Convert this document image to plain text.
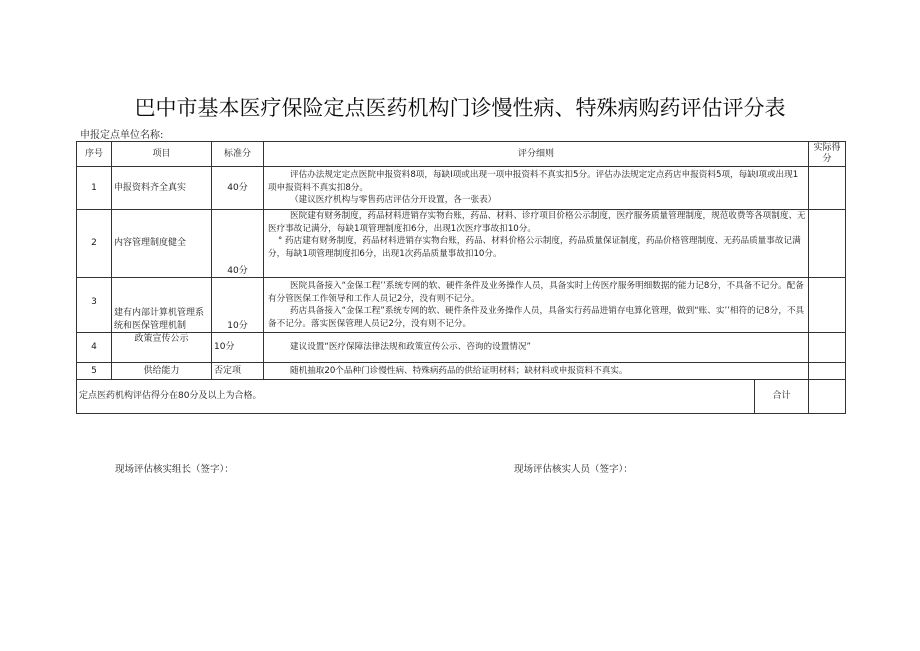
巴中市基本医疗保险定点医药机构门诊慢性病、特殊病购药评估评分表
申报定点单位名称:
序号	项目	标准分	评分细则	实际得分
1	申报资料齐全真实	40分	评估办法规定定点医院申报资料8项，每缺I项或出现一项申报资料不真实扣5分。评估办法规定定点药店申报资料5项，每缺I项或出现1项申报资料不真实扣8分。
（建议医疗机构与零售药店评估分开设置，各一张表）	

2	内容管理制度健全	40分	医院建有财务制度，药品材料进销存实物台账，药品、材料、诊疗项目价格公示制度，医疗服务质量管理制度，规范收费等各项制度、无医疗事故记满分，每缺1项管理制度扣6分，出现1次医疗事故扣10分。
° 药店建有财务制度，药品材料进销存实物台账，药品、材料价格公示制度，药品质量保证制度，药品价格管理制度、无药品质量事故记满分，每缺1项管理制度扣6分，出现1次药品质量事故扣10分。	

3	建有内部计算机管理系统和医保管理机制	10分	医院具备接入“金保工程’’系统专网的软、硬件条件及业务操作人员，具备实时上传医疗服务明细数据的能力记8分，不具备不记分。配备有分管医保工作领导和工作人员记2分，没有则不记分。
药店具备接入“金保工程”系统专网的软、硬件条件及业务操作人员，具备实行药品进销存电算化管理，做到“账、实’’相符的记8分，不具备不记分。落实医保管理人员记2分，没有则不记分。	

4	政策宣传公示	10分	建议设置“医疗保障法律法规和政策宣传公示、咨询的设置情况”	

5	供给能力	否定项	随机抽取20个品种门诊慢性病、特殊病药品的供给证明材料；缺材料或申报资料不真实。	

定点医药机构评估得分在80分及以上为合格。 合计				

现场评估核实组长（签字）：	现场评估核实人员（签字）：
